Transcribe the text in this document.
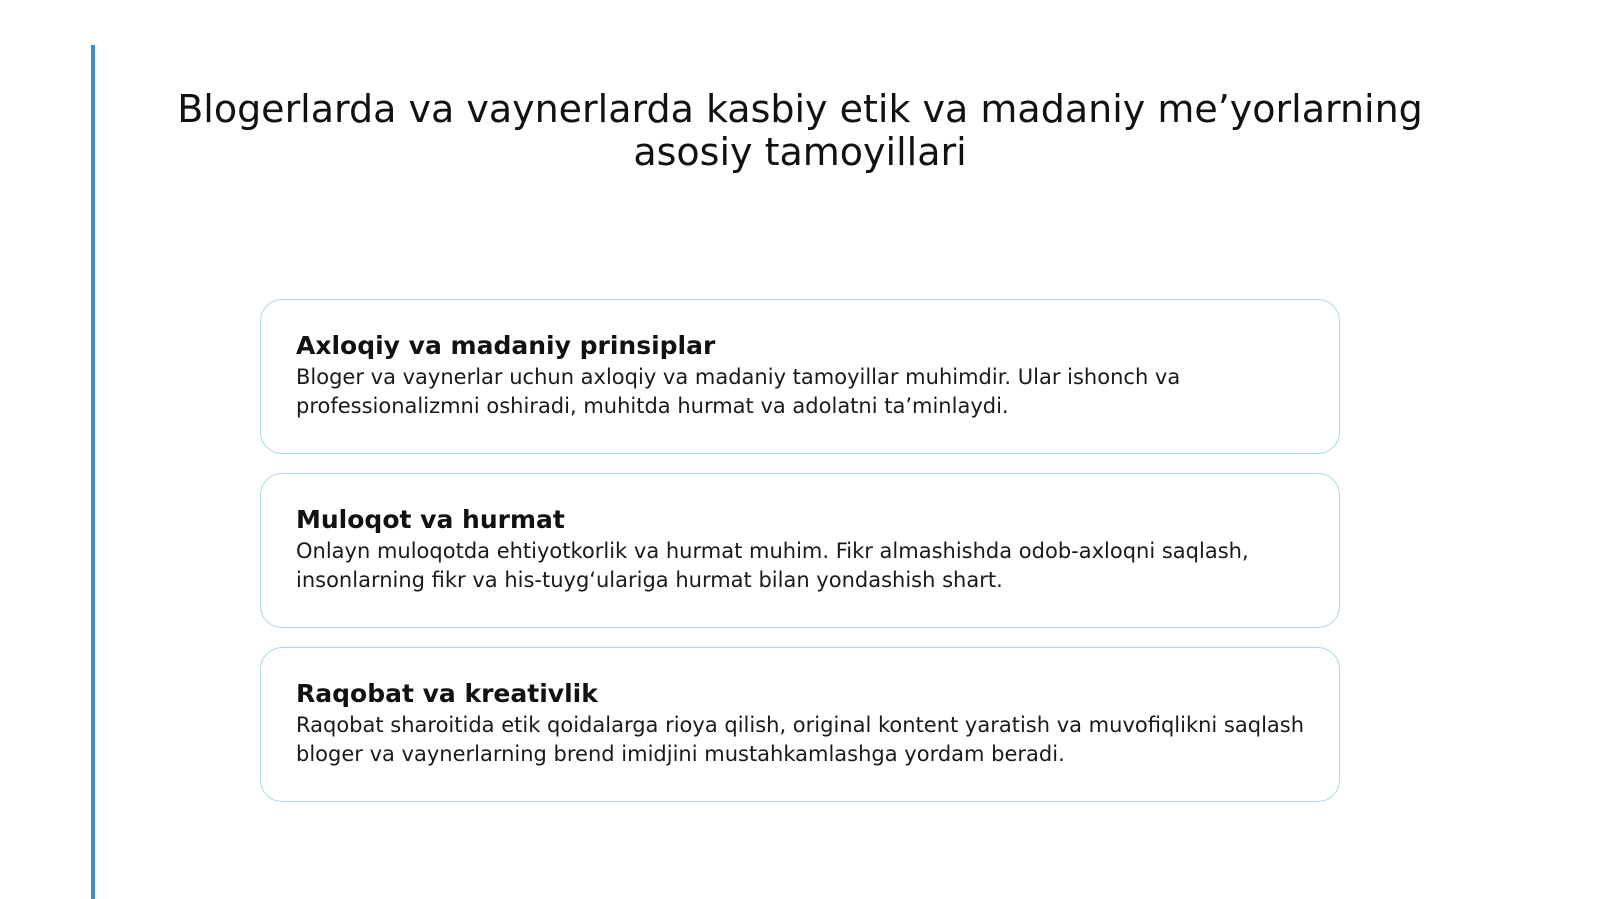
Blogerlarda va vaynerlarda kasbiy etik va madaniy me’yorlarning asosiy tamoyillari

Axloqiy va madaniy prinsiplar

Bloger va vaynerlar uchun axloqiy va madaniy tamoyillar muhimdir. Ular ishonch va professionalizmni oshiradi, muhitda hurmat va adolatni ta’minlaydi.

Muloqot va hurmat

Onlayn muloqotda ehtiyotkorlik va hurmat muhim. Fikr almashishda odob-axloqni saqlash, insonlarning fikr va his-tuyg‘ulariga hurmat bilan yondashish shart.

Raqobat va kreativlik

Raqobat sharoitida etik qoidalarga rioya qilish, original kontent yaratish va muvofiqlikni saqlash bloger va vaynerlarning brend imidjini mustahkamlashga yordam beradi.
